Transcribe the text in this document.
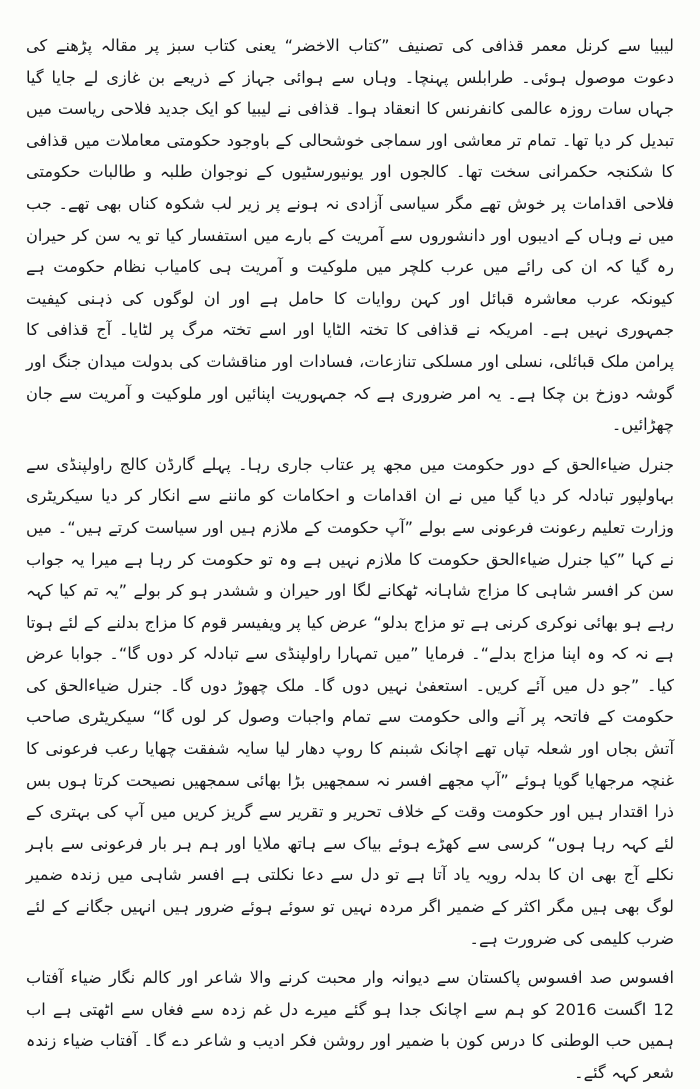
لیبیا سے کرنل معمر قذافی کی تصنیف ”کتاب الاخضر“ یعنی کتاب سبز پر مقالہ پڑھنے کی دعوت موصول ہوئی۔ طرابلس پہنچا۔ وہاں سے ہوائی جہاز کے ذریعے بن غازی لے جایا گیا جہاں سات روزہ عالمی کانفرنس کا انعقاد ہوا۔ قذافی نے لیبیا کو ایک جدید فلاحی ریاست میں تبدیل کر دیا تھا۔ تمام تر معاشی اور سماجی خوشحالی کے باوجود حکومتی معاملات میں قذافی کا شکنجہ حکمرانی سخت تھا۔ کالجوں اور یونیورسٹیوں کے نوجوان طلبہ و طالبات حکومتی فلاحی اقدامات پر خوش تھے مگر سیاسی آزادی نہ ہونے پر زیر لب شکوہ کناں بھی تھے۔ جب میں نے وہاں کے ادیبوں اور دانشوروں سے آمریت کے بارے میں استفسار کیا تو یہ سن کر حیران رہ گیا کہ ان کی رائے میں عرب کلچر میں ملوکیت و آمریت ہی کامیاب نظام حکومت ہے کیونکہ عرب معاشرہ قبائل اور کہن روایات کا حامل ہے اور ان لوگوں کی ذہنی کیفیت جمہوری نہیں ہے۔ امریکہ نے قذافی کا تختہ الٹایا اور اسے تختہ مرگ پر لٹایا۔ آج قذافی کا پرامن ملک قبائلی، نسلی اور مسلکی تنازعات، فسادات اور مناقشات کی بدولت میدان جنگ اور گوشہ دوزخ بن چکا ہے۔ یہ امر ضروری ہے کہ جمہوریت اپنائیں اور ملوکیت و آمریت سے جان چھڑائیں۔

جنرل ضیاءالحق کے دور حکومت میں مجھ پر عتاب جاری رہا۔ پہلے گارڈن کالج راولپنڈی سے بہاولپور تبادلہ کر دیا گیا میں نے ان اقدامات و احکامات کو ماننے سے انکار کر دیا سیکریٹری وزارت تعلیم رعونت فرعونی سے بولے ”آپ حکومت کے ملازم ہیں اور سیاست کرتے ہیں“۔ میں نے کہا ”کیا جنرل ضیاءالحق حکومت کا ملازم نہیں ہے وہ تو حکومت کر رہا ہے میرا یہ جواب سن کر افسر شاہی کا مزاج شاہانہ ٹھکانے لگا اور حیران و ششدر ہو کر بولے ”یہ تم کیا کہہ رہے ہو بھائی نوکری کرنی ہے تو مزاج بدلو“ عرض کیا پر ویفیسر قوم کا مزاج بدلنے کے لئے ہوتا ہے نہ کہ وہ اپنا مزاج بدلے“۔ فرمایا ”میں تمہارا راولپنڈی سے تبادلہ کر دوں گا“۔ جوابا عرض کیا۔ ”جو دل میں آئے کریں۔ استعفیٰ نہیں دوں گا۔ ملک چھوڑ دوں گا۔ جنرل ضیاءالحق کی حکومت کے فاتحہ پر آنے والی حکومت سے تمام واجبات وصول کر لوں گا“ سیکریٹری صاحب آتش بجاں اور شعلہ تپاں تھے اچانک شبنم کا روپ دھار لیا سایہ شفقت چھایا رعب فرعونی کا غنچہ مرجھایا گویا ہوئے ”آپ مجھے افسر نہ سمجھیں بڑا بھائی سمجھیں نصیحت کرتا ہوں بس ذرا اقتدار ہیں اور حکومت وقت کے خلاف تحریر و تقریر سے گریز کریں میں آپ کی بہتری کے لئے کہہ رہا ہوں“ کرسی سے کھڑے ہوئے بیاک سے ہاتھ ملایا اور ہم ہر بار فرعونی سے باہر نکلے آج بھی ان کا بدلہ رویہ یاد آتا ہے تو دل سے دعا نکلتی ہے افسر شاہی میں زندہ ضمیر لوگ بھی ہیں مگر اکثر کے ضمیر اگر مردہ نہیں تو سوئے ہوئے ضرور ہیں انہیں جگانے کے لئے ضرب کلیمی کی ضرورت ہے۔

افسوس صد افسوس پاکستان سے دیوانہ وار محبت کرنے والا شاعر اور کالم نگار ضیاء آفتاب 12 اگست 2016 کو ہم سے اچانک جدا ہو گئے میرے دل غم زدہ سے فغاں سے اٹھتی ہے اب ہمیں حب الوطنی کا درس کون با ضمیر اور روشن فکر ادیب و شاعر دے گا۔ آفتاب ضیاء زندہ شعر کہہ گئے۔
